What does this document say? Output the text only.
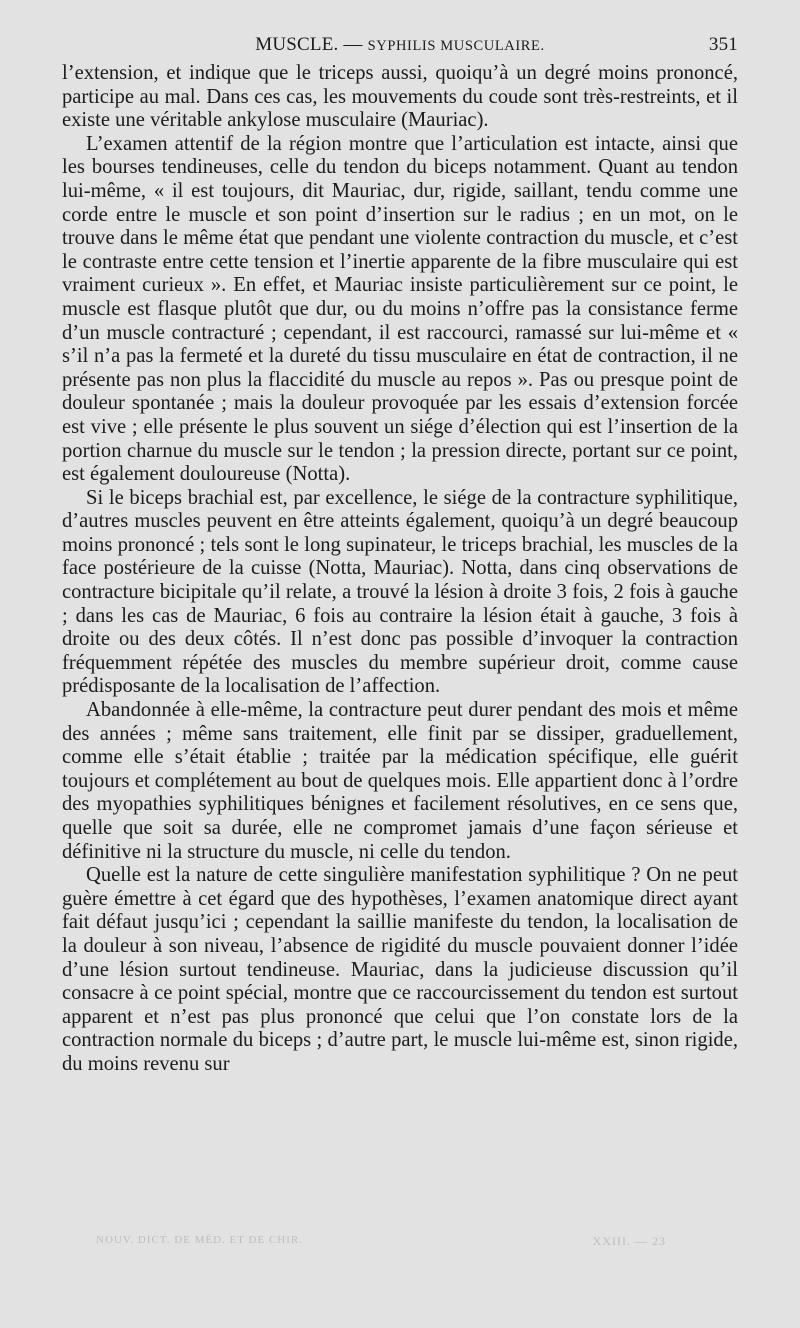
MUSCLE. — SYPHILIS MUSCULAIRE.	351

l’extension, et indique que le triceps aussi, quoiqu’à un degré moins prononcé, participe au mal. Dans ces cas, les mouvements du coude sont très-restreints, et il existe une véritable ankylose musculaire (Mauriac).

L’examen attentif de la région montre que l’articulation est intacte, ainsi que les bourses tendineuses, celle du tendon du biceps notamment. Quant au tendon lui-même, « il est toujours, dit Mauriac, dur, rigide, saillant, tendu comme une corde entre le muscle et son point d’insertion sur le radius ; en un mot, on le trouve dans le même état que pendant une violente contraction du muscle, et c’est le contraste entre cette tension et l’inertie apparente de la fibre musculaire qui est vraiment curieux ». En effet, et Mauriac insiste particulièrement sur ce point, le muscle est flasque plutôt que dur, ou du moins n’offre pas la consistance ferme d’un muscle contracturé ; cependant, il est raccourci, ramassé sur lui-même et « s’il n’a pas la fermeté et la dureté du tissu musculaire en état de contraction, il ne présente pas non plus la flaccidité du muscle au repos ». Pas ou presque point de douleur spontanée ; mais la douleur provoquée par les essais d’extension forcée est vive ; elle présente le plus souvent un siége d’élection qui est l’insertion de la portion charnue du muscle sur le tendon ; la pression directe, portant sur ce point, est également douloureuse (Notta).

Si le biceps brachial est, par excellence, le siége de la contracture syphilitique, d’autres muscles peuvent en être atteints également, quoiqu’à un degré beaucoup moins prononcé ; tels sont le long supinateur, le triceps brachial, les muscles de la face postérieure de la cuisse (Notta, Mauriac). Notta, dans cinq observations de contracture bicipitale qu’il relate, a trouvé la lésion à droite 3 fois, 2 fois à gauche ; dans les cas de Mauriac, 6 fois au contraire la lésion était à gauche, 3 fois à droite ou des deux côtés. Il n’est donc pas possible d’invoquer la contraction fréquemment répétée des muscles du membre supérieur droit, comme cause prédisposante de la localisation de l’affection.

Abandonnée à elle-même, la contracture peut durer pendant des mois et même des années ; même sans traitement, elle finit par se dissiper, graduellement, comme elle s’était établie ; traitée par la médication spécifique, elle guérit toujours et complétement au bout de quelques mois. Elle appartient donc à l’ordre des myopathies syphilitiques bénignes et facilement résolutives, en ce sens que, quelle que soit sa durée, elle ne compromet jamais d’une façon sérieuse et définitive ni la structure du muscle, ni celle du tendon.

Quelle est la nature de cette singulière manifestation syphilitique ? On ne peut guère émettre à cet égard que des hypothèses, l’examen anatomique direct ayant fait défaut jusqu’ici ; cependant la saillie manifeste du tendon, la localisation de la douleur à son niveau, l’absence de rigidité du muscle pouvaient donner l’idée d’une lésion surtout tendineuse. Mauriac, dans la judicieuse discussion qu’il consacre à ce point spécial, montre que ce raccourcissement du tendon est surtout apparent et n’est pas plus prononcé que celui que l’on constate lors de la contraction normale du biceps ; d’autre part, le muscle lui-même est, sinon rigide, du moins revenu sur

NOUV. DICT. DE MÉD. ET DE CHIR.	XXIII. — 23
